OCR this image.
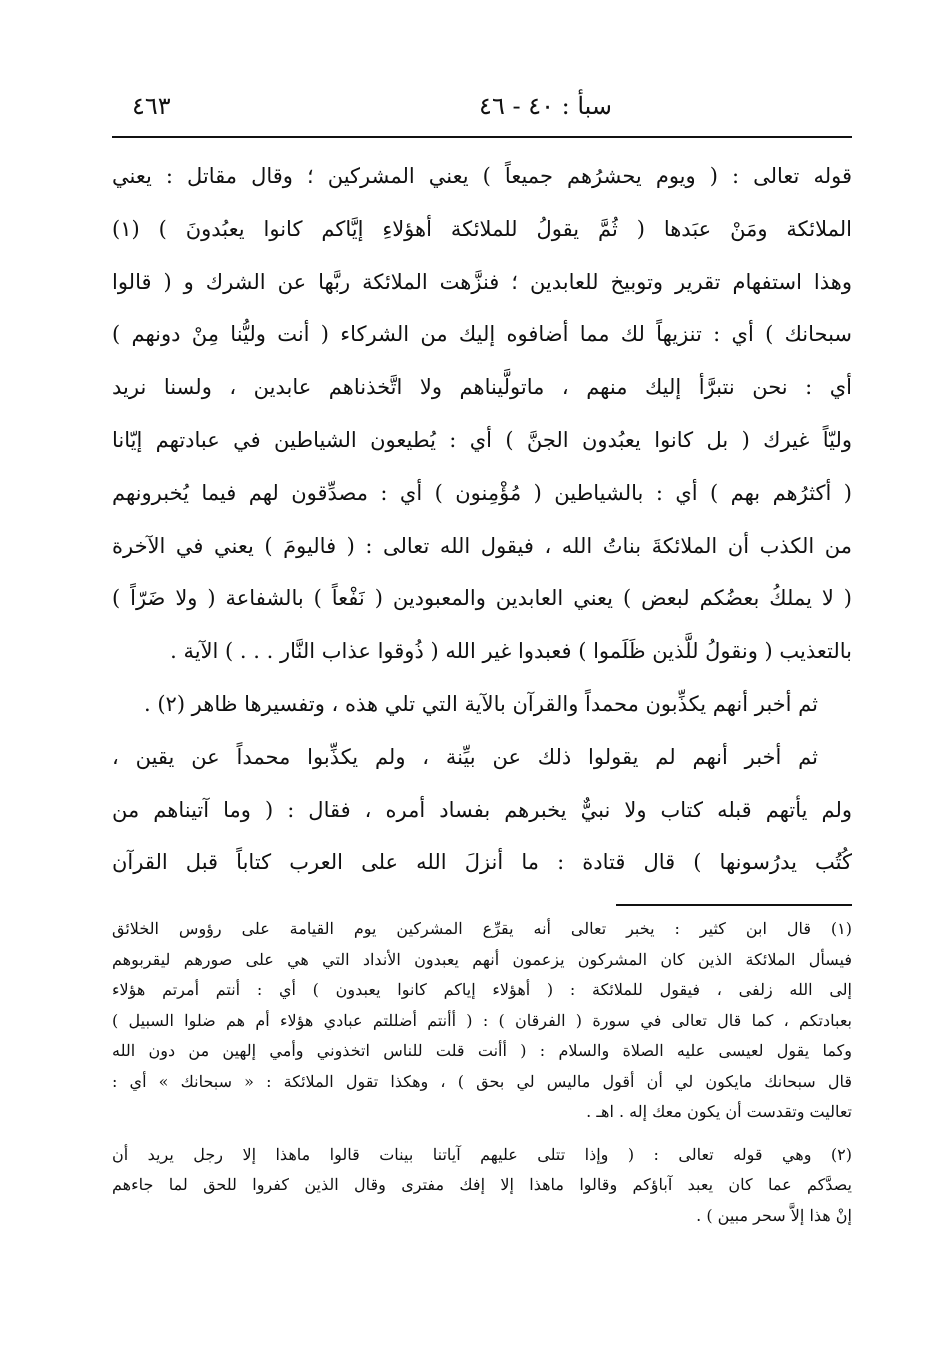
سبأ : ٤٠ - ٤٦
٤٦٣
قوله تعالى : ( ويوم يحشرُهم جميعاً ) يعني المشركين ؛ وقال مقاتل : يعني
الملائكة ومَنْ عبَدها ( ثُمَّ يقولُ للملائكة أهؤلاءِ إيَّاكم كانوا يعبُدونَ ) (١)
وهذا استفهام تقرير وتوبيخ للعابدين ؛ فنزَّهت الملائكة ربَّها عن الشرك و ( قالوا
سبحانك ) أي : تنزيهاً لك مما أضافوه إليك من الشركاء ( أنت وليُّنا مِنْ دونهم )
أي : نحن نتبرَّأ إليك منهم ، ماتولَّيناهم ولا اتَّخذناهم عابدين ، ولسنا نريد
وليّاً غيرك ( بل كانوا يعبُدون الجنَّ ) أي : يُطيعون الشياطين في عبادتهم إيّانا
( أكثرُهم بهم ) أي : بالشياطين ( مُؤْمِنون ) أي : مصدِّقون لهم فيما يُخبرونهم
من الكذب أن الملائكةَ بناتُ الله ، فيقول الله تعالى : ( فاليومَ ) يعني في الآخرة
( لا يملكُ بعضُكم لبعض ) يعني العابدين والمعبودين ( نَفْعاً ) بالشفاعة ( ولا ضَرّاً )
بالتعذيب ( ونقولُ للَّذين ظَلَموا ) فعبدوا غير الله ( ذُوقوا عذاب النَّار . . . ) الآية .
ثم أخبر أنهم يكذِّبون محمداً والقرآن بالآية التي تلي هذه ، وتفسيرها ظاهر (٢) .
ثم أخبر أنهم لم يقولوا ذلك عن بيِّنة ، ولم يكذِّبوا محمداً عن يقين ،
ولم يأتهم قبله كتاب ولا نبيٌّ يخبرهم بفساد أمره ، فقال : ( وما آتيناهم من
كُتُب يدرُسونها ) قال قتادة : ما أنزلَ الله على العرب كتاباً قبل القرآن
(١) قال ابن كثير : يخبر تعالى أنه يقرِّع المشركين يوم القيامة على رؤوس الخلائق
فيسأل الملائكة الذين كان المشركون يزعمون أنهم يعبدون الأنداد التي هي على صورهم ليقربوهم
إلى الله زلفى ، فيقول للملائكة : ( أهؤلاء إياكم كانوا يعبدون ) أي : أنتم أمرتم هؤلاء
بعبادتكم ، كما قال تعالى في سورة ( الفرقان ) : ( أأنتم أضللتم عبادي هؤلاء أم هم ضلوا السبيل )
وكما يقول لعيسى عليه الصلاة والسلام : ( أأنت قلت للناس اتخذوني وأمي إلهين من دون الله
قال سبحانك مايكون لي أن أقول ماليس لي بحق ) ، وهكذا تقول الملائكة : « سبحانك » أي :
تعاليت وتقدست أن يكون معك إله . اهـ .
(٢) وهي قوله تعالى : ( وإذا تتلى عليهم آياتنا بينات قالوا ماهذا إلا رجل يريد أن
يصدَّكم عما كان يعبد آباؤكم وقالوا ماهذا إلا إفك مفترى وقال الذين كفروا للحق لما جاءهم
إنْ هذا إلاَّ سحر مبين ) .
